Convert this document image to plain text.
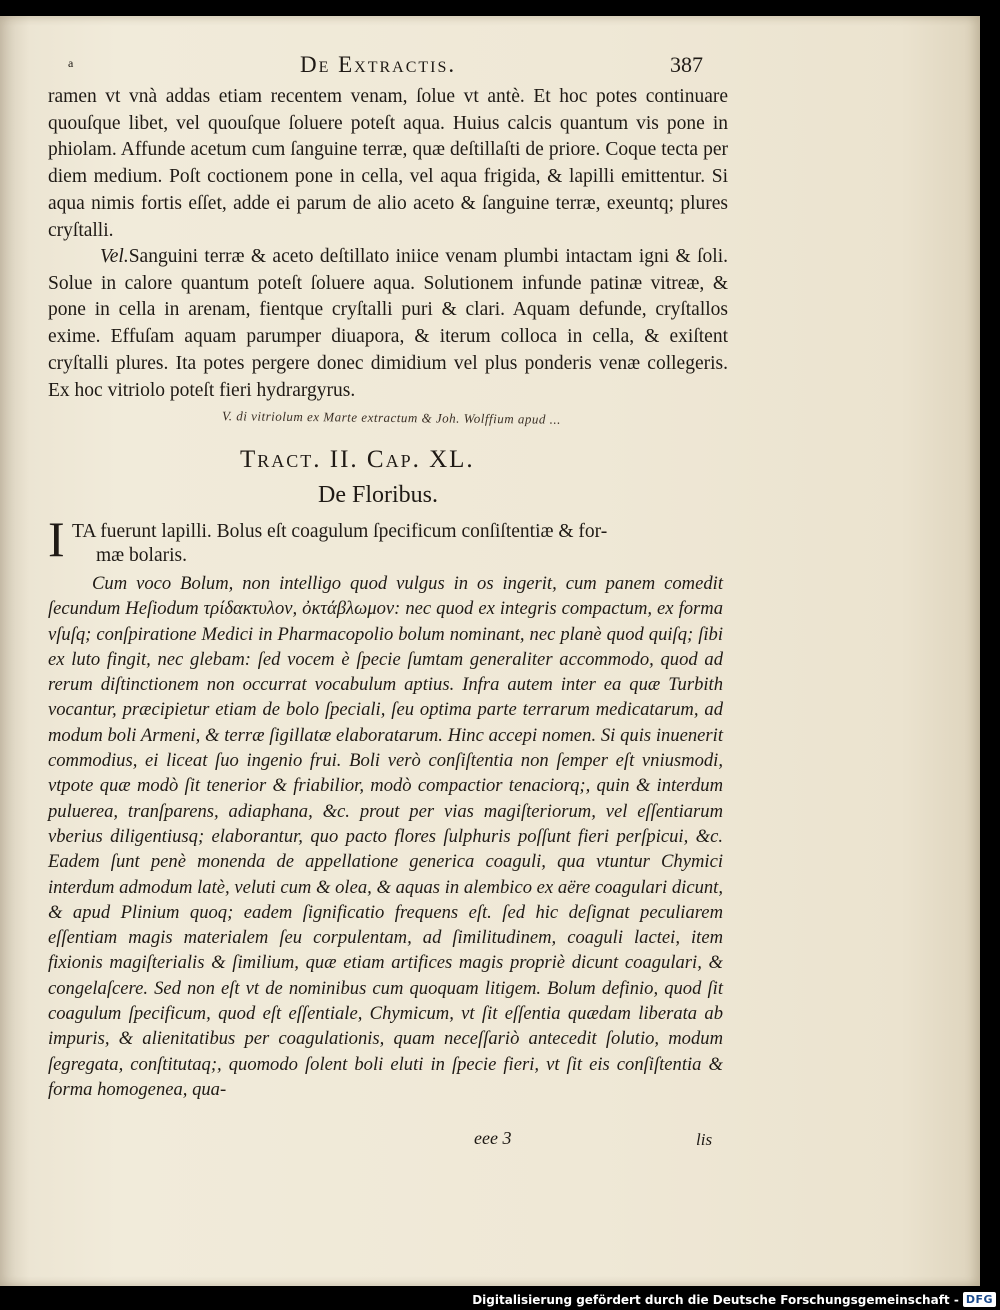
a	De Extractis.	387

ramen vt vnà addas etiam recentem venam, ſolue vt antè. Et hoc potes continuare quouſque libet, vel quouſque ſoluere poteſt aqua. Huius calcis quantum vis pone in phiolam. Affunde acetum cum ſanguine terræ, quæ deſtillaſti de priore. Coque tecta per diem medium. Poſt coctionem pone in cella, vel aqua frigida, & lapilli emittentur. Si aqua nimis fortis eſſet, adde ei parum de alio aceto & ſanguine terræ, exeuntq; plures cryſtalli.

Vel.Sanguini terræ & aceto deſtillato iniice venam plumbi intactam igni & ſoli. Solue in calore quantum poteſt ſoluere aqua. Solutionem infunde patinæ vitreæ, & pone in cella in arenam, fientque cryſtalli puri & clari. Aquam defunde, cryſtallos exime. Effuſam aquam parumper diuapora, & iterum colloca in cella, & exiſtent cryſtalli plures. Ita potes pergere donec dimidium vel plus ponderis venæ collegeris. Ex hoc vitriolo poteſt fieri hydrargyrus.

V. di vitriolum ex Marte extractum & Joh. Wolffium apud ...
Tract. II. Cap. XL.
De Floribus.
I TA fuerunt lapilli. Bolus eſt coagulum ſpecificum conſiſtentiæ & for-
mæ bolaris.

Cum voco Bolum, non intelligo quod vulgus in os ingerit, cum panem comedit ſecundum Heſiodum τρίδακτυλον, ὀκτάβλωμον: nec quod ex integris compactum, ex forma vſuſq; conſpiratione Medici in Pharmacopolio bolum nominant, nec planè quod quiſq; ſibi ex luto fingit, nec glebam: ſed vocem è ſpecie ſumtam generaliter accommodo, quod ad rerum diſtinctionem non occurrat vocabulum aptius. Infra autem inter ea quæ Turbith vocantur, præcipietur etiam de bolo ſpeciali, ſeu optima parte terrarum medicatarum, ad modum boli Armeni, & terræ ſigillatæ elaboratarum. Hinc accepi nomen. Si quis inuenerit commodius, ei liceat ſuo ingenio frui. Boli verò conſiſtentia non ſemper eſt vniusmodi, vtpote quæ modò ſit tenerior & friabilior, modò compactior tenaciorq;, quin & interdum puluerea, tranſparens, adiaphana, &c. prout per vias magiſteriorum, vel eſſentiarum vberius diligentiusq; elaborantur, quo pacto flores ſulphuris poſſunt fieri perſpicui, &c. Eadem ſunt penè monenda de appellatione generica coaguli, qua vtuntur Chymici interdum admodum latè, veluti cum & olea, & aquas in alembico ex aëre coagulari dicunt, & apud Plinium quoq; eadem ſignificatio frequens eſt. ſed hic deſignat peculiarem eſſentiam magis materialem ſeu corpulentam, ad ſimilitudinem, coaguli lactei, item fixionis magiſterialis & ſimilium, quæ etiam artifices magis propriè dicunt coagulari, & congelaſcere. Sed non eſt vt de nominibus cum quoquam litigem. Bolum definio, quod ſit coagulum ſpecificum, quod eſt eſſentiale, Chymicum, vt ſit eſſentia quædam liberata ab impuris, & alienitatibus per coagulationis, quam neceſſariò antecedit ſolutio, modum ſegregata, conſtitutaq;, quomodo ſolent boli eluti in ſpecie fieri, vt ſit eis conſiſtentia & forma homogenea, qua-

eee 3	lis
Digitalisierung gefördert durch die Deutsche Forschungsgemeinschaft - DFG
